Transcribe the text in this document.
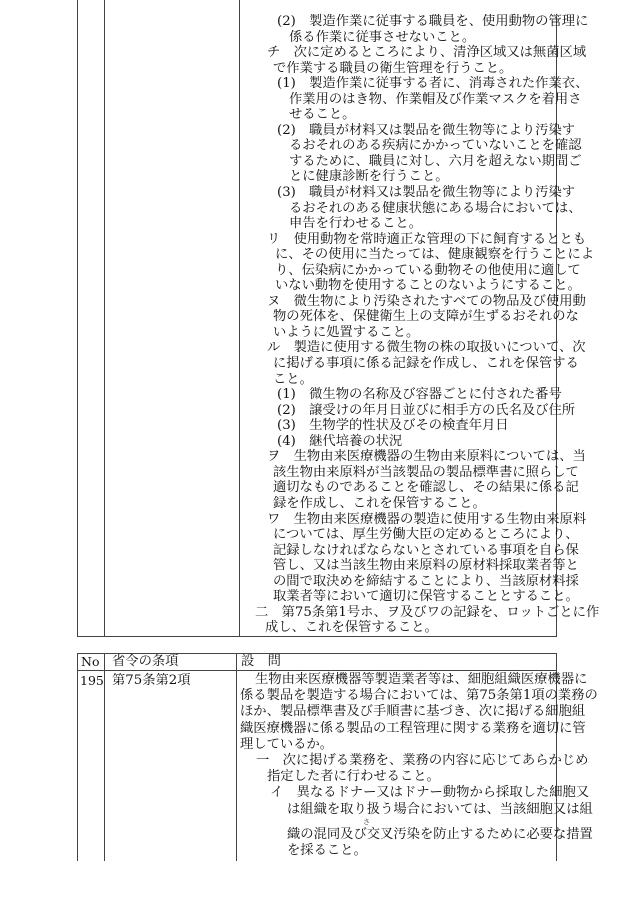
(2)　製造作業に従事する職員を、使用動物の管理に
係る作業に従事させないこと。
チ　次に定めるところにより、清浄区域又は無菌区域
で作業する職員の衛生管理を行うこと。
(1)　製造作業に従事する者に、消毒された作業衣、
作業用のはき物、作業帽及び作業マスクを着用さ
せること。
(2)　職員が材料又は製品を微生物等により汚染す
るおそれのある疾病にかかっていないことを確認
するために、職員に対し、六月を超えない期間ご
とに健康診断を行うこと。
(3)　職員が材料又は製品を微生物等により汚染す
るおそれのある健康状態にある場合においては、
申告を行わせること。
リ　使用動物を常時適正な管理の下に飼育するととも
に、その使用に当たっては、健康観察を行うことによ
り、伝染病にかかっている動物その他使用に適して
いない動物を使用することのないようにすること。
ヌ　微生物により汚染されたすべての物品及び使用動
物の死体を、保健衛生上の支障が生ずるおそれのな
いように処置すること。
ル　製造に使用する微生物の株の取扱いについて、次
に掲げる事項に係る記録を作成し、これを保管する
こと。
(1)　微生物の名称及び容器ごとに付された番号
(2)　譲受けの年月日並びに相手方の氏名及び住所
(3)　生物学的性状及びその検査年月日
(4)　継代培養の状況
ヲ　生物由来医療機器の生物由来原料については、当
該生物由来原料が当該製品の製品標準書に照らして
適切なものであることを確認し、その結果に係る記
録を作成し、これを保管すること。
ワ　生物由来医療機器の製造に使用する生物由来原料
については、厚生労働大臣の定めるところにより、
記録しなければならないとされている事項を自ら保
管し、又は当該生物由来原料の原材料採取業者等と
の間で取決めを締結することにより、当該原材料採
取業者等において適切に保管することとすること。
二　第75条第1号ホ、ヲ及びワの記録を、ロットごとに作
成し、これを保管すること。
No 省令の条項	設　問
195 第75条第2項	生物由来医療機器等製造業者等は、細胞組織医療機器に
係る製品を製造する場合においては、第75条第1項の業務の
ほか、製品標準書及び手順書に基づき、次に掲げる細胞組
織医療機器に係る製品の工程管理に関する業務を適切に管
理しているか。
一　次に掲げる業務を、業務の内容に応じてあらかじめ
指定した者に行わせること。
イ　異なるドナー又はドナー動物から採取した細胞又
は組織を取り扱う場合においては、当該細胞又は組
織の混同及び交叉汚染を防止するために必要な措置
を採ること。
さ
